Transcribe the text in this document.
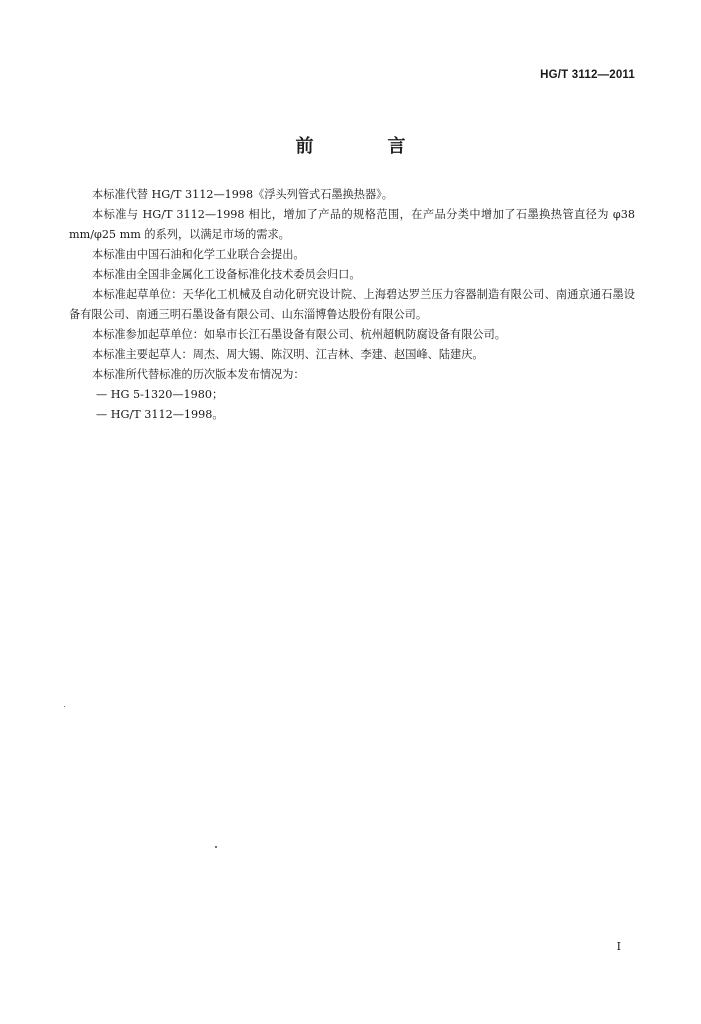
HG/T 3112—2011
前　言

本标准代替 HG/T 3112—1998《浮头列管式石墨换热器》。

本标准与 HG/T 3112—1998 相比，增加了产品的规格范围，在产品分类中增加了石墨换热管直径为 φ38 mm/φ25 mm 的系列，以满足市场的需求。

本标准由中国石油和化学工业联合会提出。

本标准由全国非金属化工设备标准化技术委员会归口。

本标准起草单位：天华化工机械及自动化研究设计院、上海碧达罗兰压力容器制造有限公司、南通京通石墨设备有限公司、南通三明石墨设备有限公司、山东淄博鲁达股份有限公司。

本标准参加起草单位：如皋市长江石墨设备有限公司、杭州超帆防腐设备有限公司。

本标准主要起草人：周杰、周大锡、陈汉明、江吉林、李建、赵国峰、陆建庆。

本标准所代替标准的历次版本发布情况为：

— HG 5-1320—1980；

— HG/T 3112—1998。

I
